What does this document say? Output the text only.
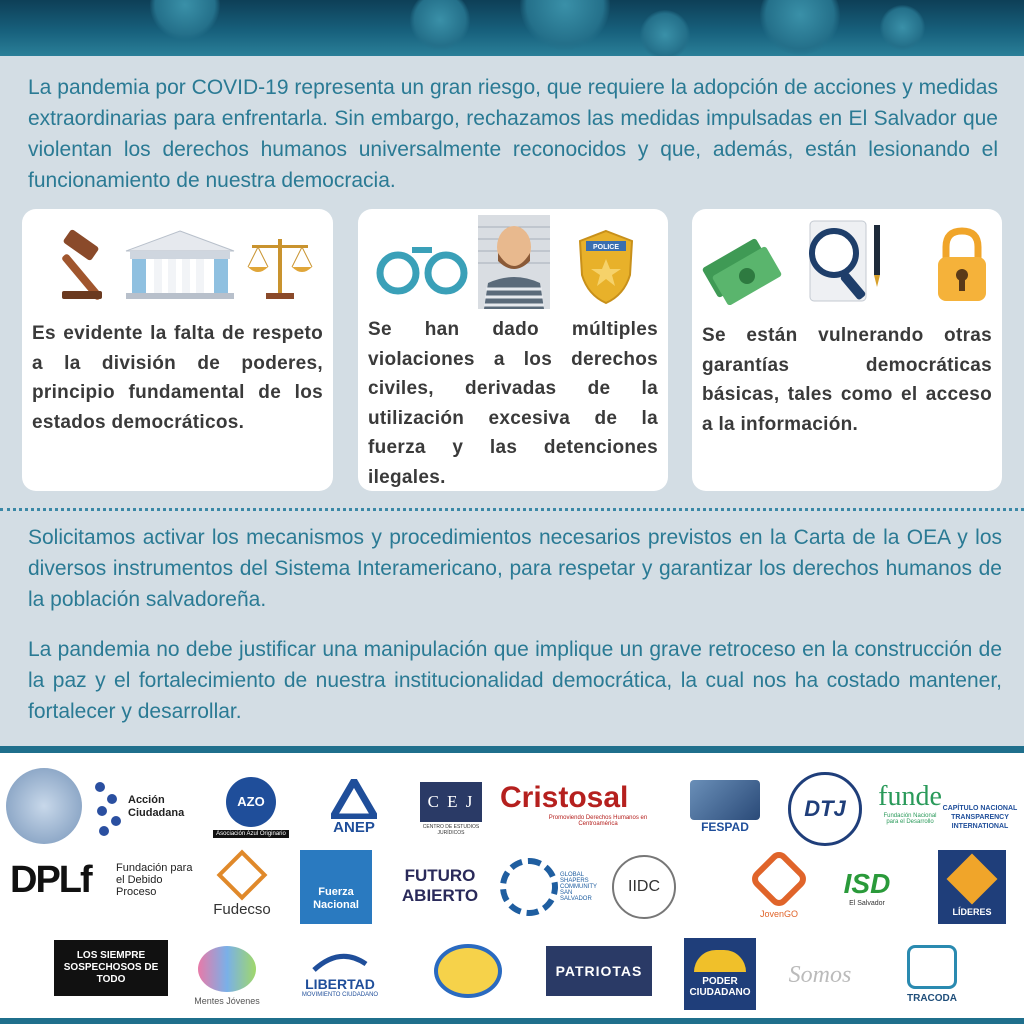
La pandemia por COVID-19 representa un gran riesgo, que requiere la adopción de acciones y medidas extraordinarias para enfrentarla. Sin embargo, rechazamos las medidas impulsadas en El Salvador que violentan los derechos humanos universalmente reconocidos y que, además, están lesionando el funcionamiento de nuestra democracia.

Es evidente la falta de respeto a la división de poderes, principio fundamental de los estados democráticos.

POLICE

Se han dado múltiples violaciones a los derechos civiles, derivadas de la utilización excesiva de la fuerza y las detenciones ilegales.

Se están vulnerando otras garantías democráticas básicas, tales como el acceso a la información.

Solicitamos activar los mecanismos y procedimientos necesarios previstos en la Carta de la OEA y los diversos instrumentos del Sistema Interamericano, para respetar y garantizar los derechos humanos de la población salvadoreña.

La pandemia no debe justificar una manipulación que implique un grave retroceso en la construcción de la paz y el fortalecimiento de nuestra institucionalidad democrática, la cual nos ha costado mantener, fortalecer y desarrollar.

Acción
Ciudadana
AZO
Asociación Azul Originario	ANEP
C E J
CENTRO DE ESTUDIOS JURÍDICOS
Cristosal
Promoviendo Derechos Humanos en Centroamérica	FESPAD
DTJ funde
Fundación Nacional para el Desarrollo
CAPÍTULO NACIONAL TRANSPARENCY INTERNATIONAL
DPLf Fundación para el Debido Proceso
Fudecso
Fuerza Nacional
FUTURO ABIERTO
GLOBAL SHAPERS COMMUNITY SAN SALVADOR
IIDC
JovenGO
ISD
El Salvador
LÍDERES
LOS SIEMPRE SOSPECHOSOS DE TODO
Mentes Jóvenes
LIBERTAD
MOVIMIENTO CIUDADANO
PATRIOTAS
PODER CIUDADANO
Somos
TRACODA
